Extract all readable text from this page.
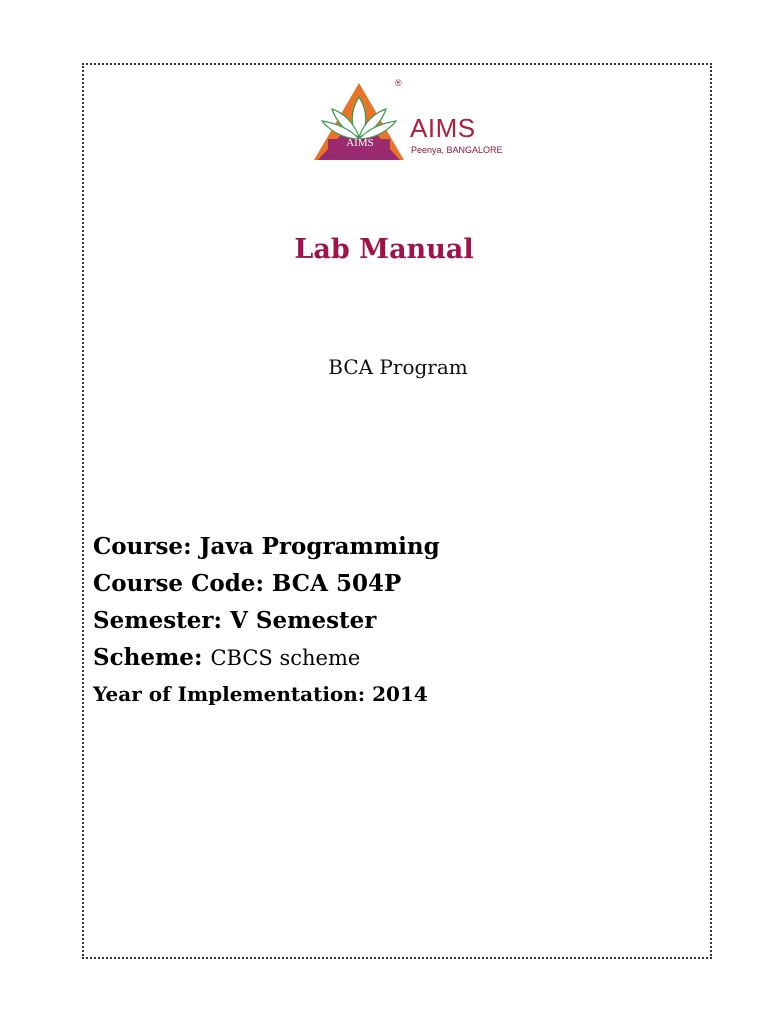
AIMS
EMPOWERING MINDS
AIMS
®
Peenya, BANGALORE
Lab Manual
BCA Program
Course: Java Programming
Course Code: BCA 504P
Semester: V Semester
Scheme: CBCS scheme
Year of Implementation: 2014
